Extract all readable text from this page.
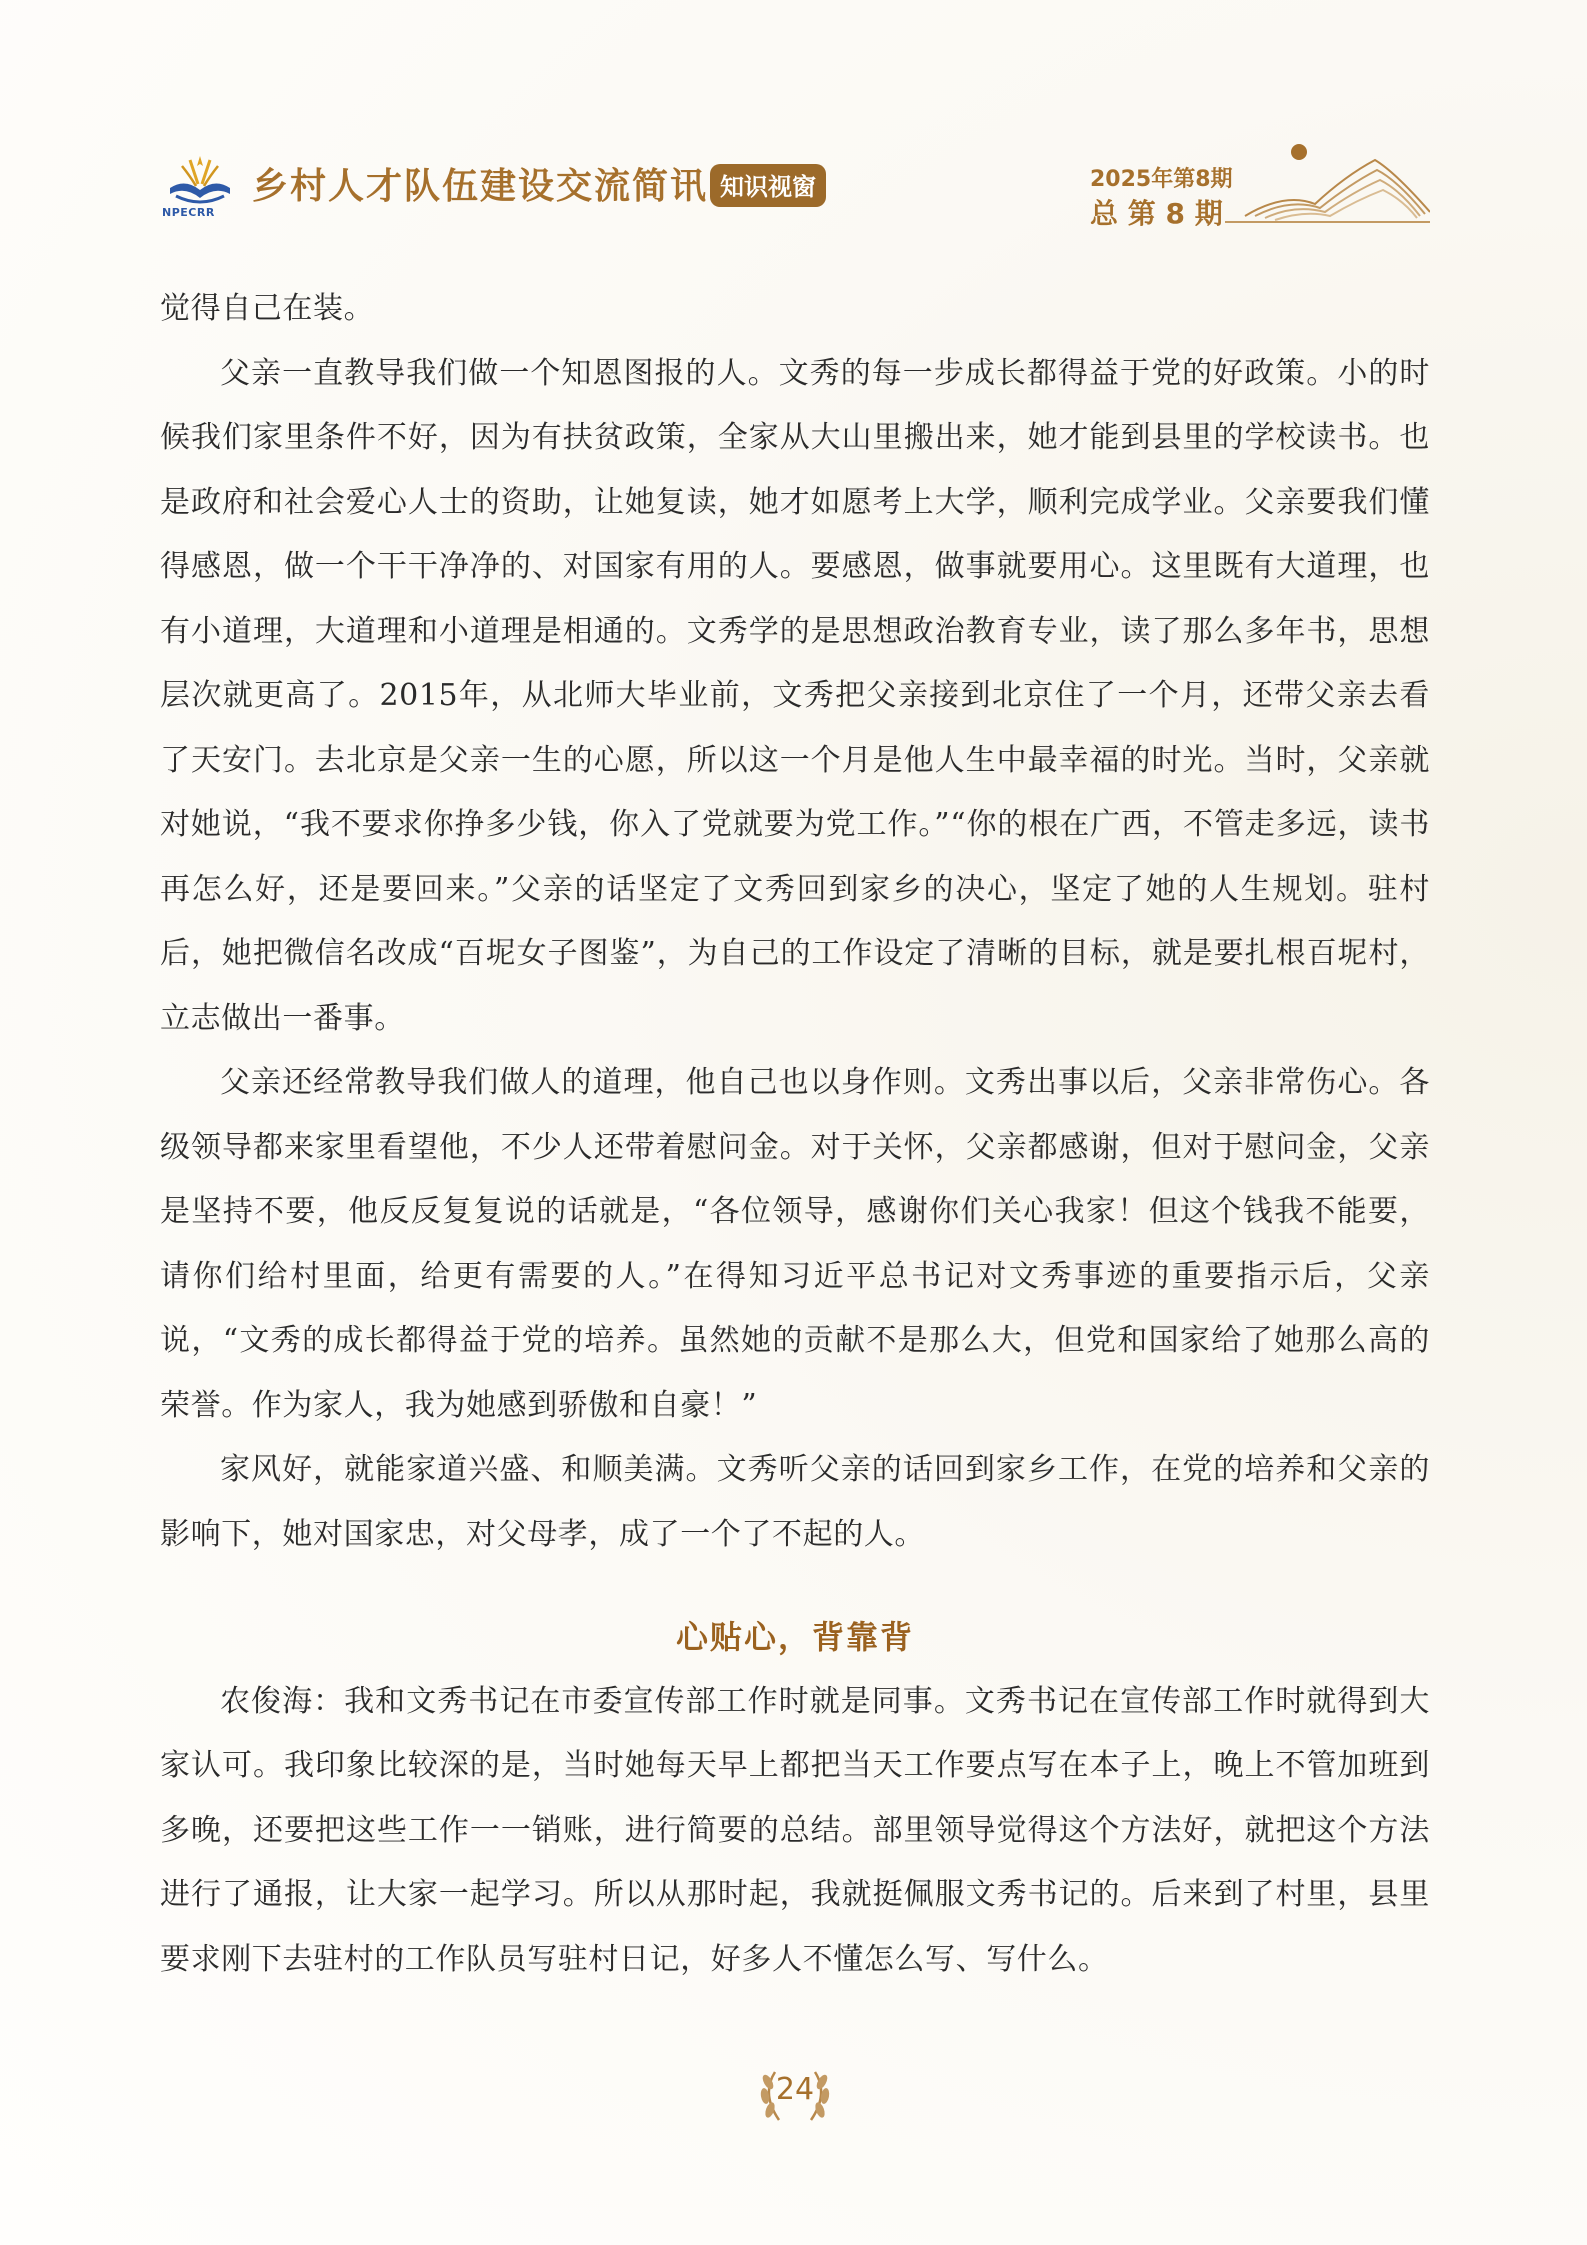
NPECRR
乡村人才队伍建设交流简讯 知识视窗	2025年第8期
总 第 8 期

觉得自己在装。

父亲一直教导我们做一个知恩图报的人。文秀的每一步成长都得益于党的好政策。小的时候我们家里条件不好，因为有扶贫政策，全家从大山里搬出来，她才能到县里的学校读书。也是政府和社会爱心人士的资助，让她复读，她才如愿考上大学，顺利完成学业。父亲要我们懂得感恩，做一个干干净净的、对国家有用的人。要感恩，做事就要用心。这里既有大道理，也有小道理，大道理和小道理是相通的。文秀学的是思想政治教育专业，读了那么多年书，思想层次就更高了。2015年，从北师大毕业前，文秀把父亲接到北京住了一个月，还带父亲去看了天安门。去北京是父亲一生的心愿，所以这一个月是他人生中最幸福的时光。当时，父亲就对她说，“我不要求你挣多少钱，你入了党就要为党工作。”“你的根在广西，不管走多远，读书再怎么好，还是要回来。”父亲的话坚定了文秀回到家乡的决心，坚定了她的人生规划。驻村后，她把微信名改成“百坭女子图鉴”，为自己的工作设定了清晰的目标，就是要扎根百坭村，立志做出一番事。

父亲还经常教导我们做人的道理，他自己也以身作则。文秀出事以后，父亲非常伤心。各级领导都来家里看望他，不少人还带着慰问金。对于关怀，父亲都感谢，但对于慰问金，父亲是坚持不要，他反反复复说的话就是，“各位领导，感谢你们关心我家！但这个钱我不能要，请你们给村里面，给更有需要的人。”在得知习近平总书记对文秀事迹的重要指示后，父亲说，“文秀的成长都得益于党的培养。虽然她的贡献不是那么大，但党和国家给了她那么高的荣誉。作为家人，我为她感到骄傲和自豪！”

家风好，就能家道兴盛、和顺美满。文秀听父亲的话回到家乡工作，在党的培养和父亲的影响下，她对国家忠，对父母孝，成了一个了不起的人。

心贴心，背靠背

农俊海：我和文秀书记在市委宣传部工作时就是同事。文秀书记在宣传部工作时就得到大家认可。我印象比较深的是，当时她每天早上都把当天工作要点写在本子上，晚上不管加班到多晚，还要把这些工作一一销账，进行简要的总结。部里领导觉得这个方法好，就把这个方法进行了通报，让大家一起学习。所以从那时起，我就挺佩服文秀书记的。后来到了村里，县里要求刚下去驻村的工作队员写驻村日记，好多人不懂怎么写、写什么。

24
